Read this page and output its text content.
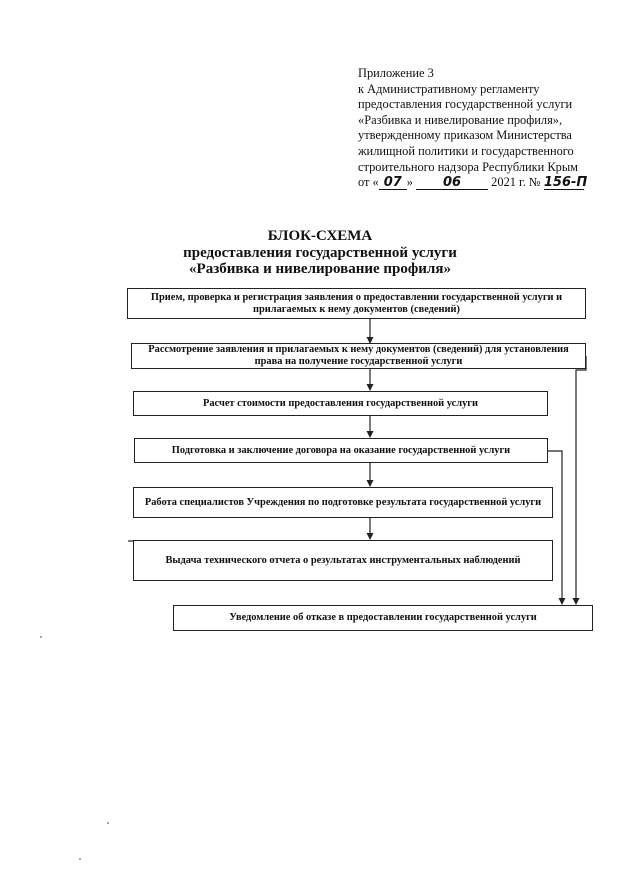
Приложение 3
к Административному регламенту
предоставления государственной услуги
«Разбивка и нивелирование профиля»,
утвержденному приказом Министерства
жилищной политики и государственного
строительного надзора Республики Крым
от « 07 » 06 2021 г. № 156-П
БЛОК-СХЕМА
предоставления государственной услуги
«Разбивка и нивелирование профиля»
Прием, проверка и регистрация заявления о предоставлении государственной услуги и прилагаемых к нему документов (сведений)
Рассмотрение заявления и прилагаемых к нему документов (сведений) для установления права на получение государственной услуги
Расчет стоимости предоставления государственной услуги
Подготовка и заключение договора на оказание государственной услуги
Работа специалистов Учреждения по подготовке результата государственной услуги
Выдача технического отчета о результатах инструментальных наблюдений
Уведомление об отказе в предоставлении государственной услуги
